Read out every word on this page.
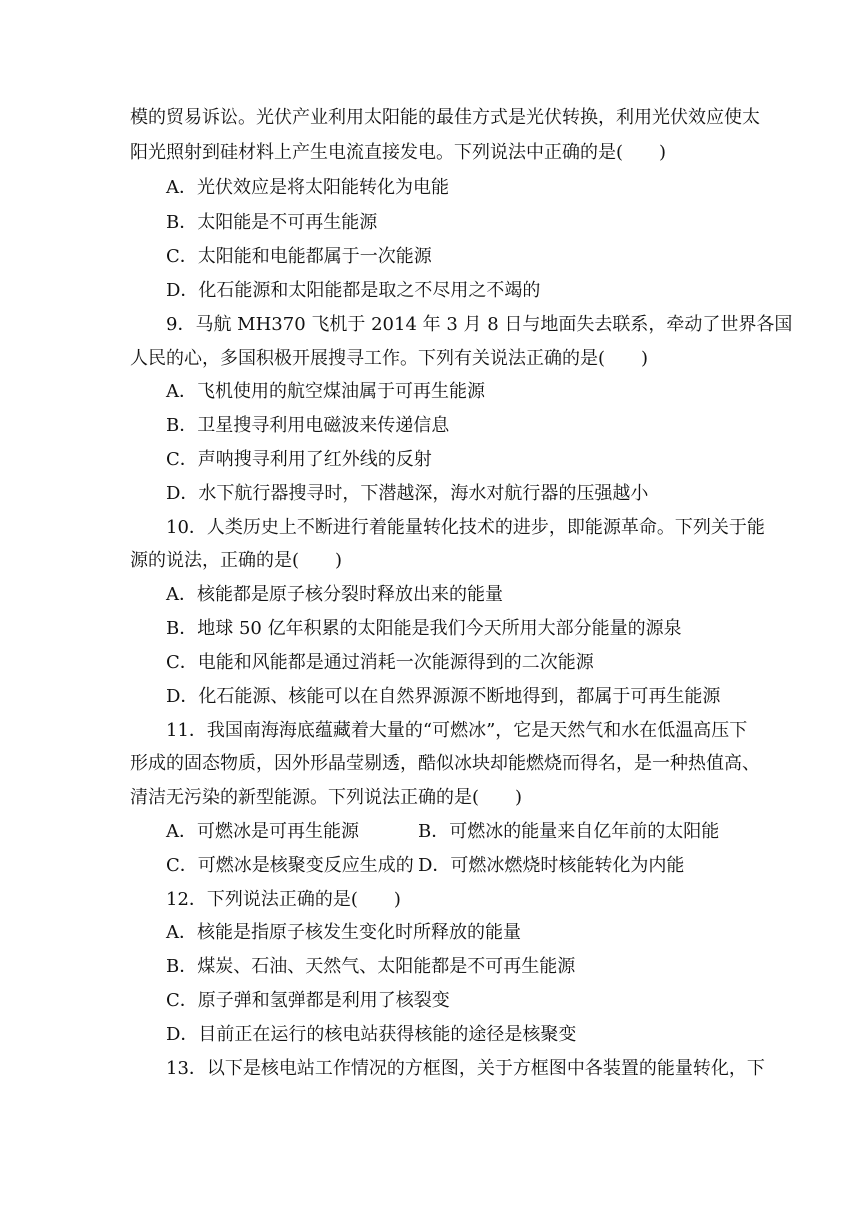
模的贸易诉讼。光伏产业利用太阳能的最佳方式是光伏转换，利用光伏效应使太
阳光照射到硅材料上产生电流直接发电。下列说法中正确的是(　　)
A．光伏效应是将太阳能转化为电能
B．太阳能是不可再生能源
C．太阳能和电能都属于一次能源
D．化石能源和太阳能都是取之不尽用之不竭的
9．马航 MH370 飞机于 2014 年 3 月 8 日与地面失去联系，牵动了世界各国
人民的心，多国积极开展搜寻工作。下列有关说法正确的是(　　)
A．飞机使用的航空煤油属于可再生能源
B．卫星搜寻利用电磁波来传递信息
C．声呐搜寻利用了红外线的反射
D．水下航行器搜寻时，下潜越深，海水对航行器的压强越小
10．人类历史上不断进行着能量转化技术的进步，即能源革命。下列关于能
源的说法，正确的是(　　)
A．核能都是原子核分裂时释放出来的能量
B．地球 50 亿年积累的太阳能是我们今天所用大部分能量的源泉
C．电能和风能都是通过消耗一次能源得到的二次能源
D．化石能源、核能可以在自然界源源不断地得到，都属于可再生能源
11．我国南海海底蕴藏着大量的“可燃冰”，它是天然气和水在低温高压下
形成的固态物质，因外形晶莹剔透，酷似冰块却能燃烧而得名，是一种热值高、
清洁无污染的新型能源。下列说法正确的是(　　)
A．可燃冰是可再生能源	B．可燃冰的能量来自亿年前的太阳能
C．可燃冰是核聚变反应生成的 D．可燃冰燃烧时核能转化为内能
12．下列说法正确的是(　　)
A．核能是指原子核发生变化时所释放的能量
B．煤炭、石油、天然气、太阳能都是不可再生能源
C．原子弹和氢弹都是利用了核裂变
D．目前正在运行的核电站获得核能的途径是核聚变
13．以下是核电站工作情况的方框图，关于方框图中各装置的能量转化，下
